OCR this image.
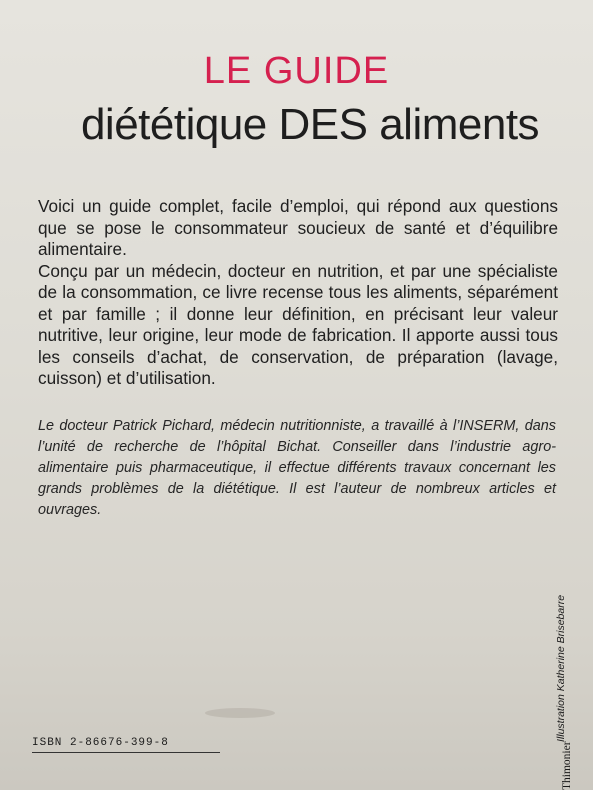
LE GUIDE
diététique DES aliments

Voici un guide complet, facile d’emploi, qui répond aux questions que se pose le consommateur soucieux de santé et d’équilibre alimentaire.

Conçu par un médecin, docteur en nutrition, et par une spécialiste de la consommation, ce livre recense tous les aliments, séparément et par famille ; il donne leur définition, en précisant leur valeur nutritive, leur origine, leur mode de fabrication. Il apporte aussi tous les conseils d’achat, de conservation, de préparation (lavage, cuisson) et d’utilisation.

Le docteur Patrick Pichard, médecin nutritionniste, a travaillé à l’INSERM, dans l’unité de recherche de l’hôpital Bichat. Conseiller dans l’industrie agro-alimentaire puis pharmaceutique, il effectue différents travaux concernant les grands problèmes de la diététique. Il est l’auteur de nombreux articles et ouvrages.
ISBN 2-86676-399-8
Illustration Katherine Brisebarre
Thimonier
